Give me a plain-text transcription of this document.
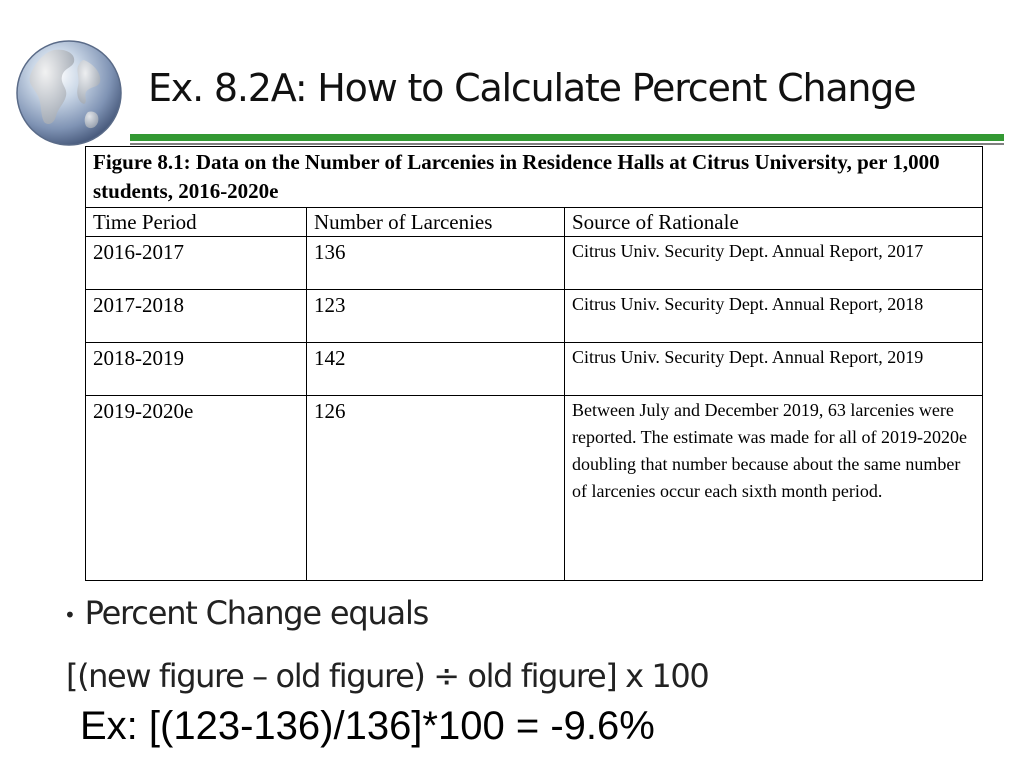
Ex. 8.2A: How to Calculate Percent Change
Figure 8.1: Data on the Number of Larcenies in Residence Halls at Citrus University, per 1,000 students, 2016-2020e		
Time Period	Number of Larcenies	Source of Rationale
2016-2017	136	Citrus Univ. Security Dept. Annual Report, 2017
2017-2018	123	Citrus Univ. Security Dept. Annual Report, 2018
2018-2019	142	Citrus Univ. Security Dept. Annual Report, 2019
2019-2020e	126	Between July and December 2019, 63 larcenies were reported. The estimate was made for all of 2019-2020e doubling that number because about the same number of larcenies occur each sixth month period.
• Percent Change equals
[(new figure – old figure) ÷ old figure] x 100
Ex: [(123-136)/136]*100 = -9.6%
